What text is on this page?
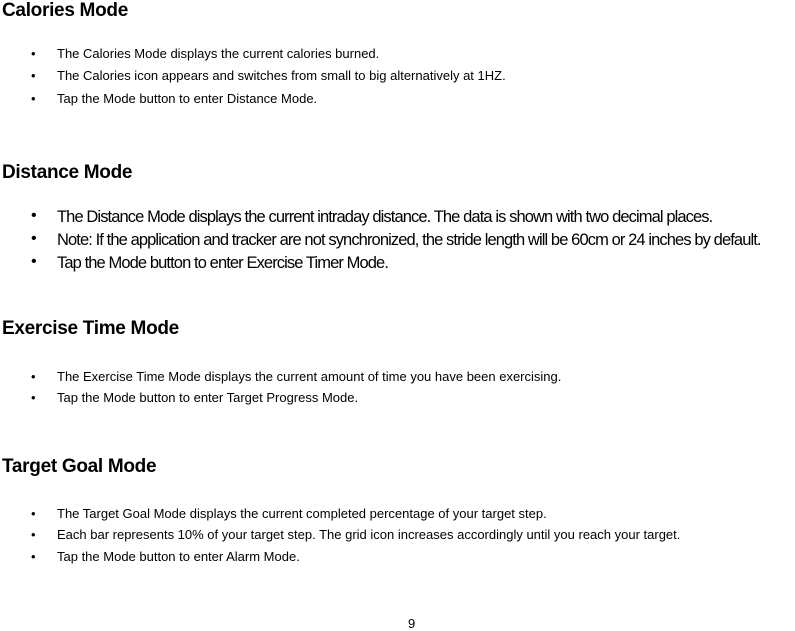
Calories Mode
• The Calories Mode displays the current calories burned.
• The Calories icon appears and switches from small to big alternatively at 1HZ.
• Tap the Mode button to enter Distance Mode.
Distance Mode
• The Distance Mode displays the current intraday distance. The data is shown with two decimal places.
• Note: If the application and tracker are not synchronized, the stride length will be 60cm or 24 inches by default.
• Tap the Mode button to enter Exercise Timer Mode.
Exercise Time Mode
• The Exercise Time Mode displays the current amount of time you have been exercising.
• Tap the Mode button to enter Target Progress Mode.
Target Goal Mode
• The Target Goal Mode displays the current completed percentage of your target step.
• Each bar represents 10% of your target step. The grid icon increases accordingly until you reach your target.
• Tap the Mode button to enter Alarm Mode.
9
